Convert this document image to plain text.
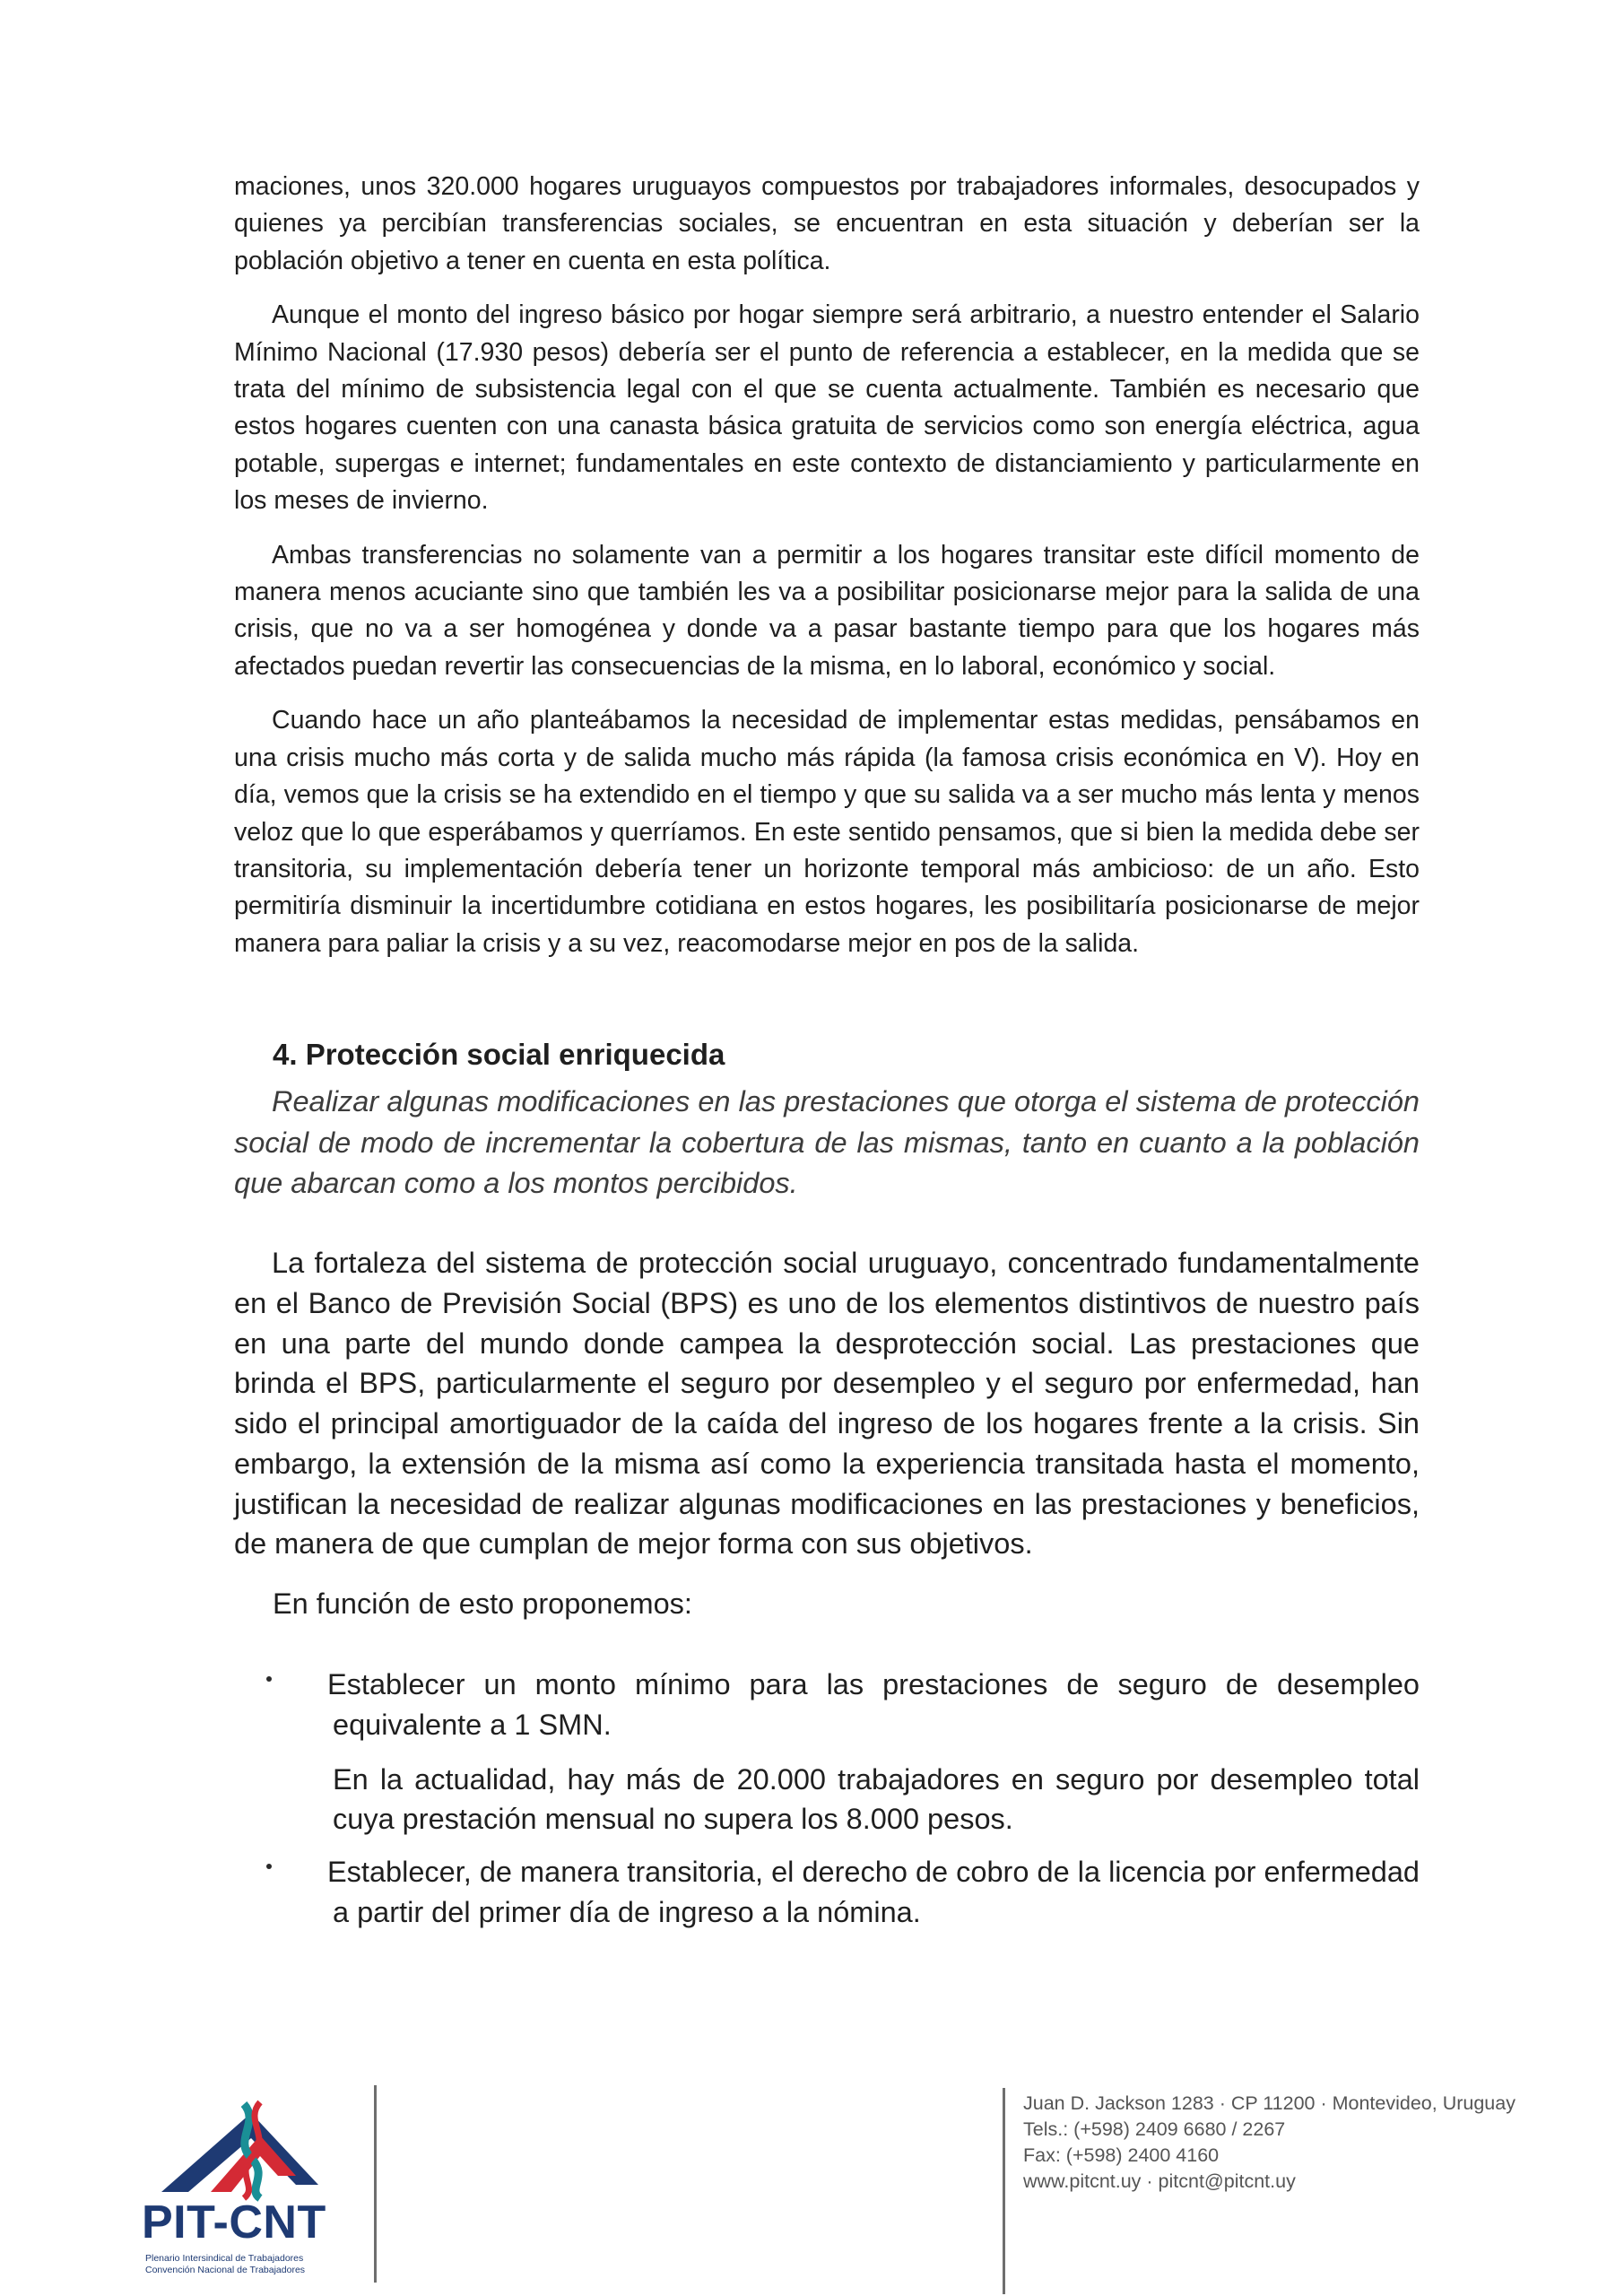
maciones, unos 320.000 hogares uruguayos compuestos por trabajadores informales, desocupados y quienes ya percibían transferencias sociales, se encuentran en esta situación y deberían ser la población objetivo a tener en cuenta en esta política.

Aunque el monto del ingreso básico por hogar siempre será arbitrario, a nuestro entender el Salario Mínimo Nacional (17.930 pesos) debería ser el punto de referencia a establecer, en la medida que se trata del mínimo de subsistencia legal con el que se cuenta actualmente. También es necesario que estos hogares cuenten con una canasta básica gratuita de servicios como son energía eléctrica, agua potable, supergas e internet; fundamentales en este contexto de distanciamiento y particularmente en los meses de invierno.

Ambas transferencias no solamente van a permitir a los hogares transitar este difícil momento de manera menos acuciante sino que también les va a posibilitar posicionarse mejor para la salida de una crisis, que no va a ser homogénea y donde va a pasar bastante tiempo para que los hogares más afectados puedan revertir las consecuencias de la misma, en lo laboral, económico y social.

Cuando hace un año planteábamos la necesidad de implementar estas medidas, pensábamos en una crisis mucho más corta y de salida mucho más rápida (la famosa crisis económica en V). Hoy en día, vemos que la crisis se ha extendido en el tiempo y que su salida va a ser mucho más lenta y menos veloz que lo que esperábamos y querríamos. En este sentido pensamos, que si bien la medida debe ser transitoria, su implementación debería tener un horizonte temporal más ambicioso: de un año. Esto permitiría disminuir la incertidumbre cotidiana en estos hogares, les posibilitaría posicionarse de mejor manera para paliar la crisis y a su vez, reacomodarse mejor en pos de la salida.

4. Protección social enriquecida

Realizar algunas modificaciones en las prestaciones que otorga el sistema de protección social de modo de incrementar la cobertura de las mismas, tanto en cuanto a la población que abarcan como a los montos percibidos.

La fortaleza del sistema de protección social uruguayo, concentrado fundamentalmente en el Banco de Previsión Social (BPS) es uno de los elementos distintivos de nuestro país en una parte del mundo donde campea la desprotección social. Las prestaciones que brinda el BPS, particularmente el seguro por desempleo y el seguro por enfermedad, han sido el principal amortiguador de la caída del ingreso de los hogares frente a la crisis. Sin embargo, la extensión de la misma así como la experiencia transitada hasta el momento, justifican la necesidad de realizar algunas modificaciones en las prestaciones y beneficios, de manera de que cumplan de mejor forma con sus objetivos.

En función de esto proponemos:

Establecer un monto mínimo para las prestaciones de seguro de desempleo equivalente a 1 SMN.

En la actualidad, hay más de 20.000 trabajadores en seguro por desempleo total cuya prestación mensual no supera los 8.000 pesos.

Establecer, de manera transitoria, el derecho de cobro de la licencia por enfermedad a partir del primer día de ingreso a la nómina.

PIT-CNT
Plenario Intersindical de Trabajadores
Convención Nacional de Trabajadores
Juan D. Jackson 1283 · CP 11200 · Montevideo, Uruguay
Tels.: (+598) 2409 6680 / 2267
Fax: (+598) 2400 4160
www.pitcnt.uy · pitcnt@pitcnt.uy
